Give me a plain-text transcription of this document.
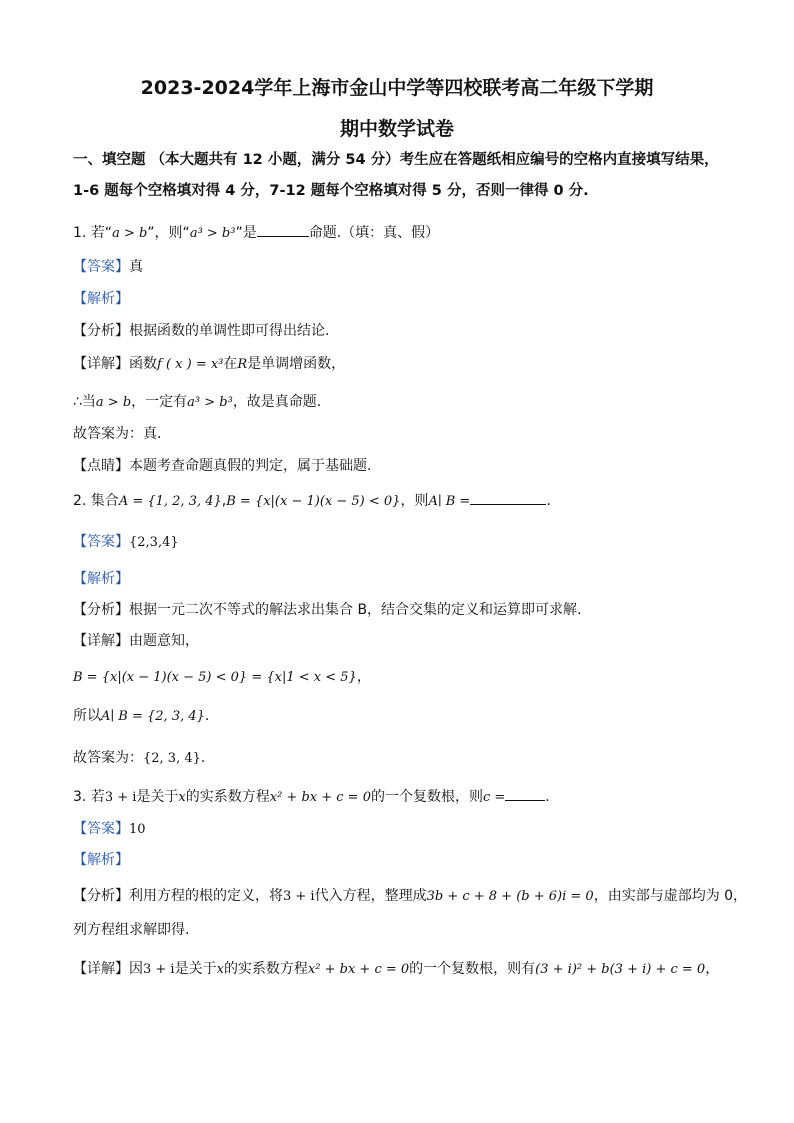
2023-2024学年上海市金山中学等四校联考高二年级下学期
期中数学试卷
一、填空题 （本大题共有 12 小题，满分 54 分）考生应在答题纸相应编号的空格内直接填写结果，1-6 题每个空格填对得 4 分，7-12 题每个空格填对得 5 分，否则一律得 0 分.
1. 若“a > b”，则“a³ > b³”是	命题.（填：真、假）
【答案】真
【解析】
【分析】根据函数的单调性即可得出结论.
【详解】函数f ( x ) = x³在R是单调增函数，
∴当a > b，一定有a³ > b³，故是真命题.
故答案为：真.
【点睛】本题考查命题真假的判定，属于基础题.
2. 集合A = {1, 2, 3, 4},B = {x|(x − 1)(x − 5) < 0}，则A∣ B =	.
【答案】{2,3,4}
【解析】
【分析】根据一元二次不等式的解法求出集合 B，结合交集的定义和运算即可求解.
【详解】由题意知，
B = {x|(x − 1)(x − 5) < 0} = {x|1 < x < 5}，
所以A∣ B = {2, 3, 4}.
故答案为：{2, 3, 4}.
3. 若3 + i是关于x的实系数方程x² + bx + c = 0的一个复数根，则c =	.
【答案】10
【解析】
【分析】利用方程的根的定义，将3 + i代入方程，整理成3b + c + 8 + (b + 6)i = 0，由实部与虚部均为 0，
列方程组求解即得.
【详解】因3 + i是关于x的实系数方程x² + bx + c = 0的一个复数根，则有(3 + i)² + b(3 + i) + c = 0，
